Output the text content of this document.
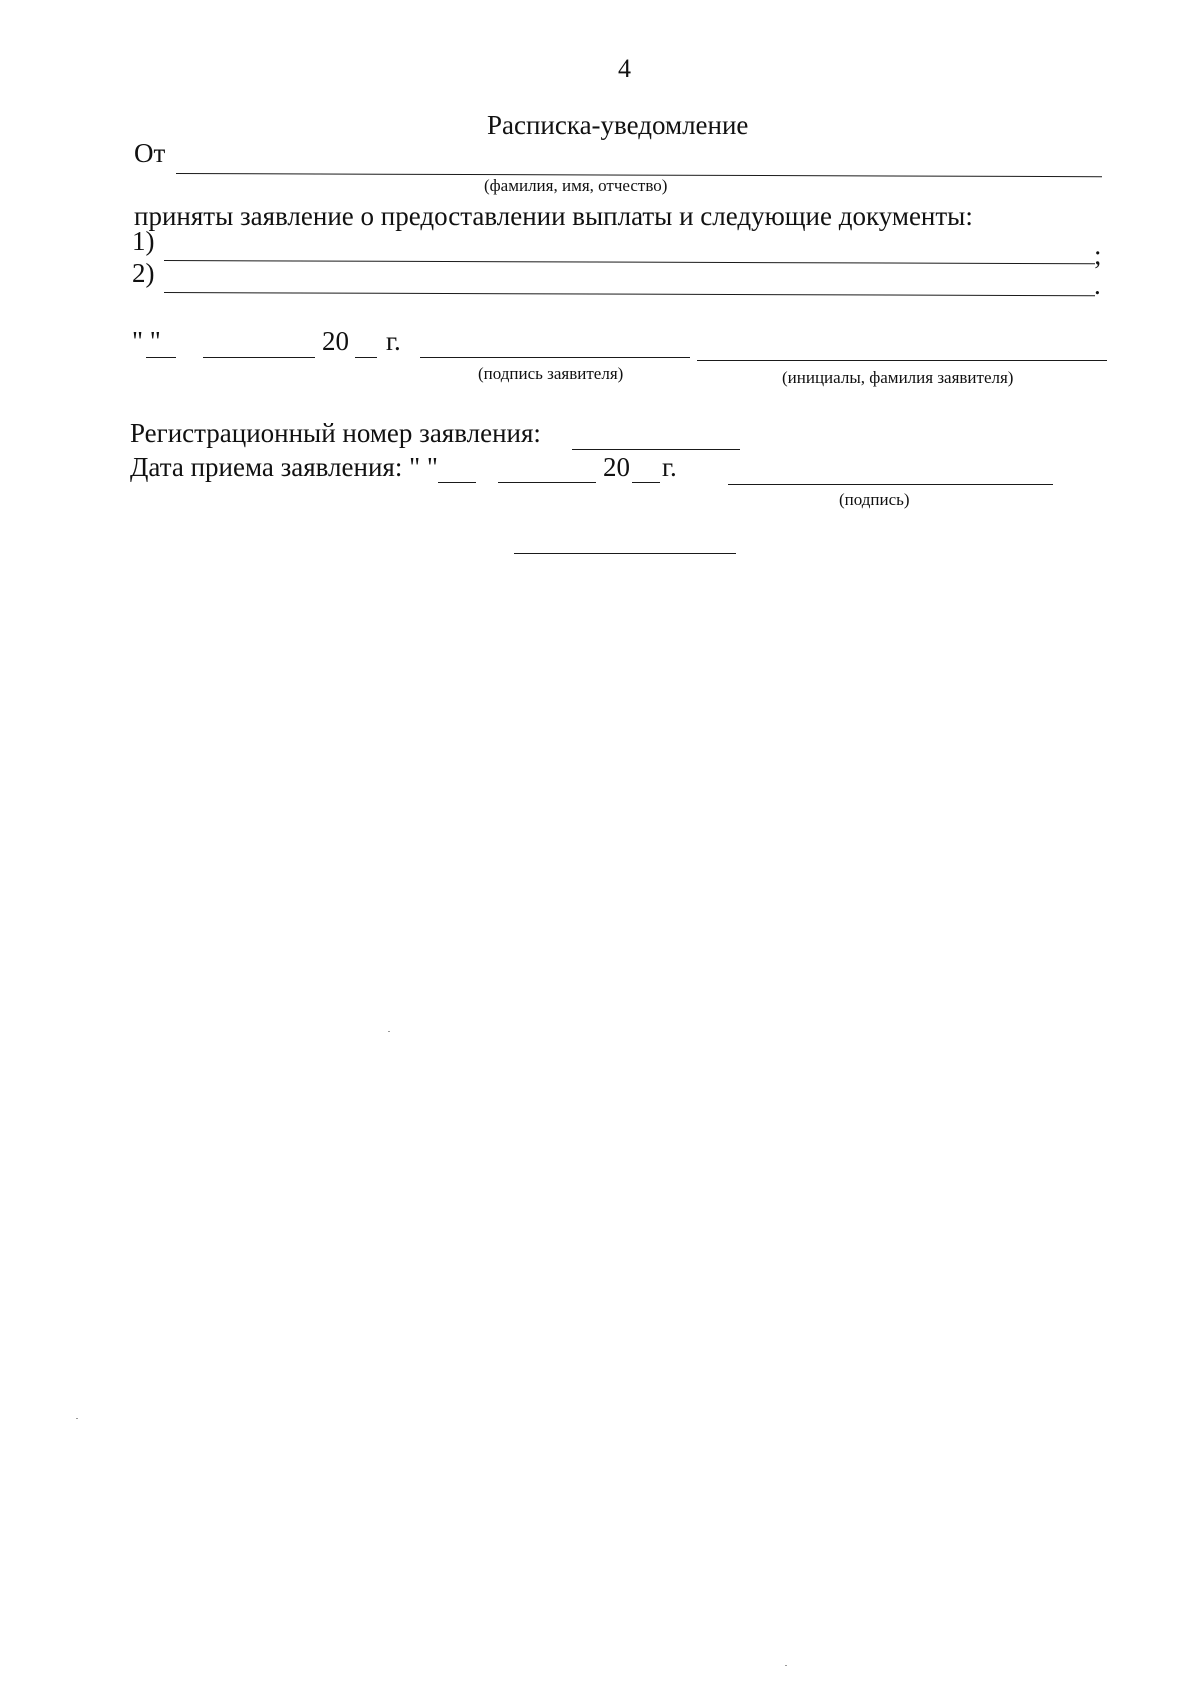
4
Расписка-уведомление
От
(фамилия, имя, отчество)
приняты заявление о предоставлении выплаты и следующие документы:
1)	;
2)	.
" "	20 г.
(подпись заявителя)	(инициалы, фамилия заявителя)
Регистрационный номер заявления:
Дата приема заявления: " "	20 г.
(подпись)
